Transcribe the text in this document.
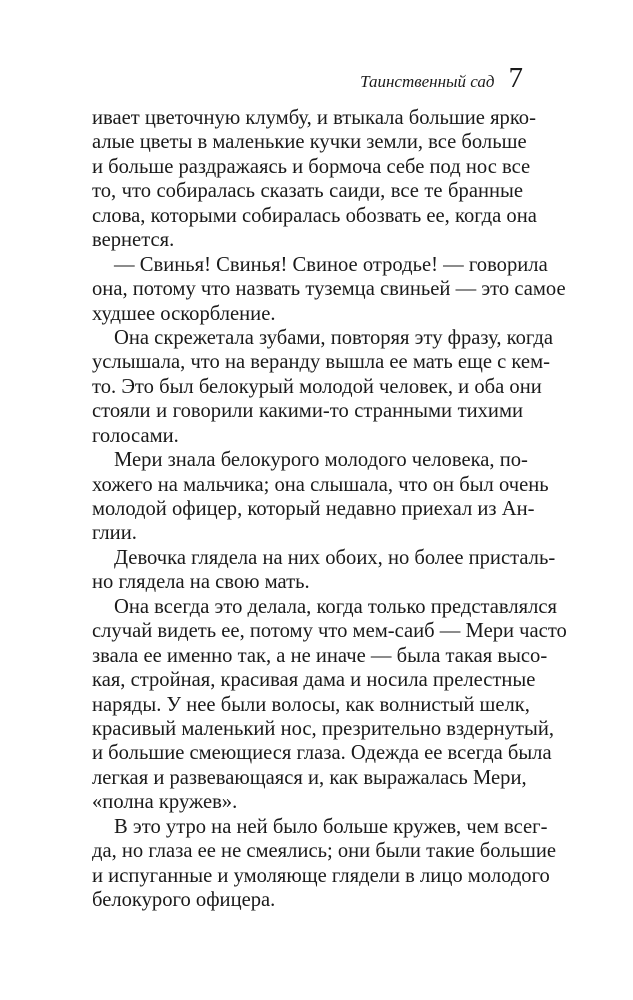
Таинственный сад 7
ивает цветочную клумбу, и втыкала большие ярко-
алые цветы в маленькие кучки земли, все больше
и больше раздражаясь и бормоча себе под нос все
то, что собиралась сказать саиди, все те бранные
слова, которыми собиралась обозвать ее, когда она
вернется.
— Свинья! Свинья! Свиное отродье! — говорила
она, потому что назвать туземца свиньей — это самое
худшее оскорбление.
Она скрежетала зубами, повторяя эту фразу, когда
услышала, что на веранду вышла ее мать еще с кем-
то. Это был белокурый молодой человек, и оба они
стояли и говорили какими-то странными тихими
голосами.
Мери знала белокурого молодого человека, по-
хожего на мальчика; она слышала, что он был очень
молодой офицер, который недавно приехал из Ан-
глии.
Девочка глядела на них обоих, но более присталь-
но глядела на свою мать.
Она всегда это делала, когда только представлялся
случай видеть ее, потому что мем-саиб — Мери часто
звала ее именно так, а не иначе — была такая высо-
кая, стройная, красивая дама и носила прелестные
наряды. У нее были волосы, как волнистый шелк,
красивый маленький нос, презрительно вздернутый,
и большие смеющиеся глаза. Одежда ее всегда была
легкая и развевающаяся и, как выражалась Мери,
«полна кружев».
В это утро на ней было больше кружев, чем всег-
да, но глаза ее не смеялись; они были такие большие
и испуганные и умоляюще глядели в лицо молодого
белокурого офицера.
